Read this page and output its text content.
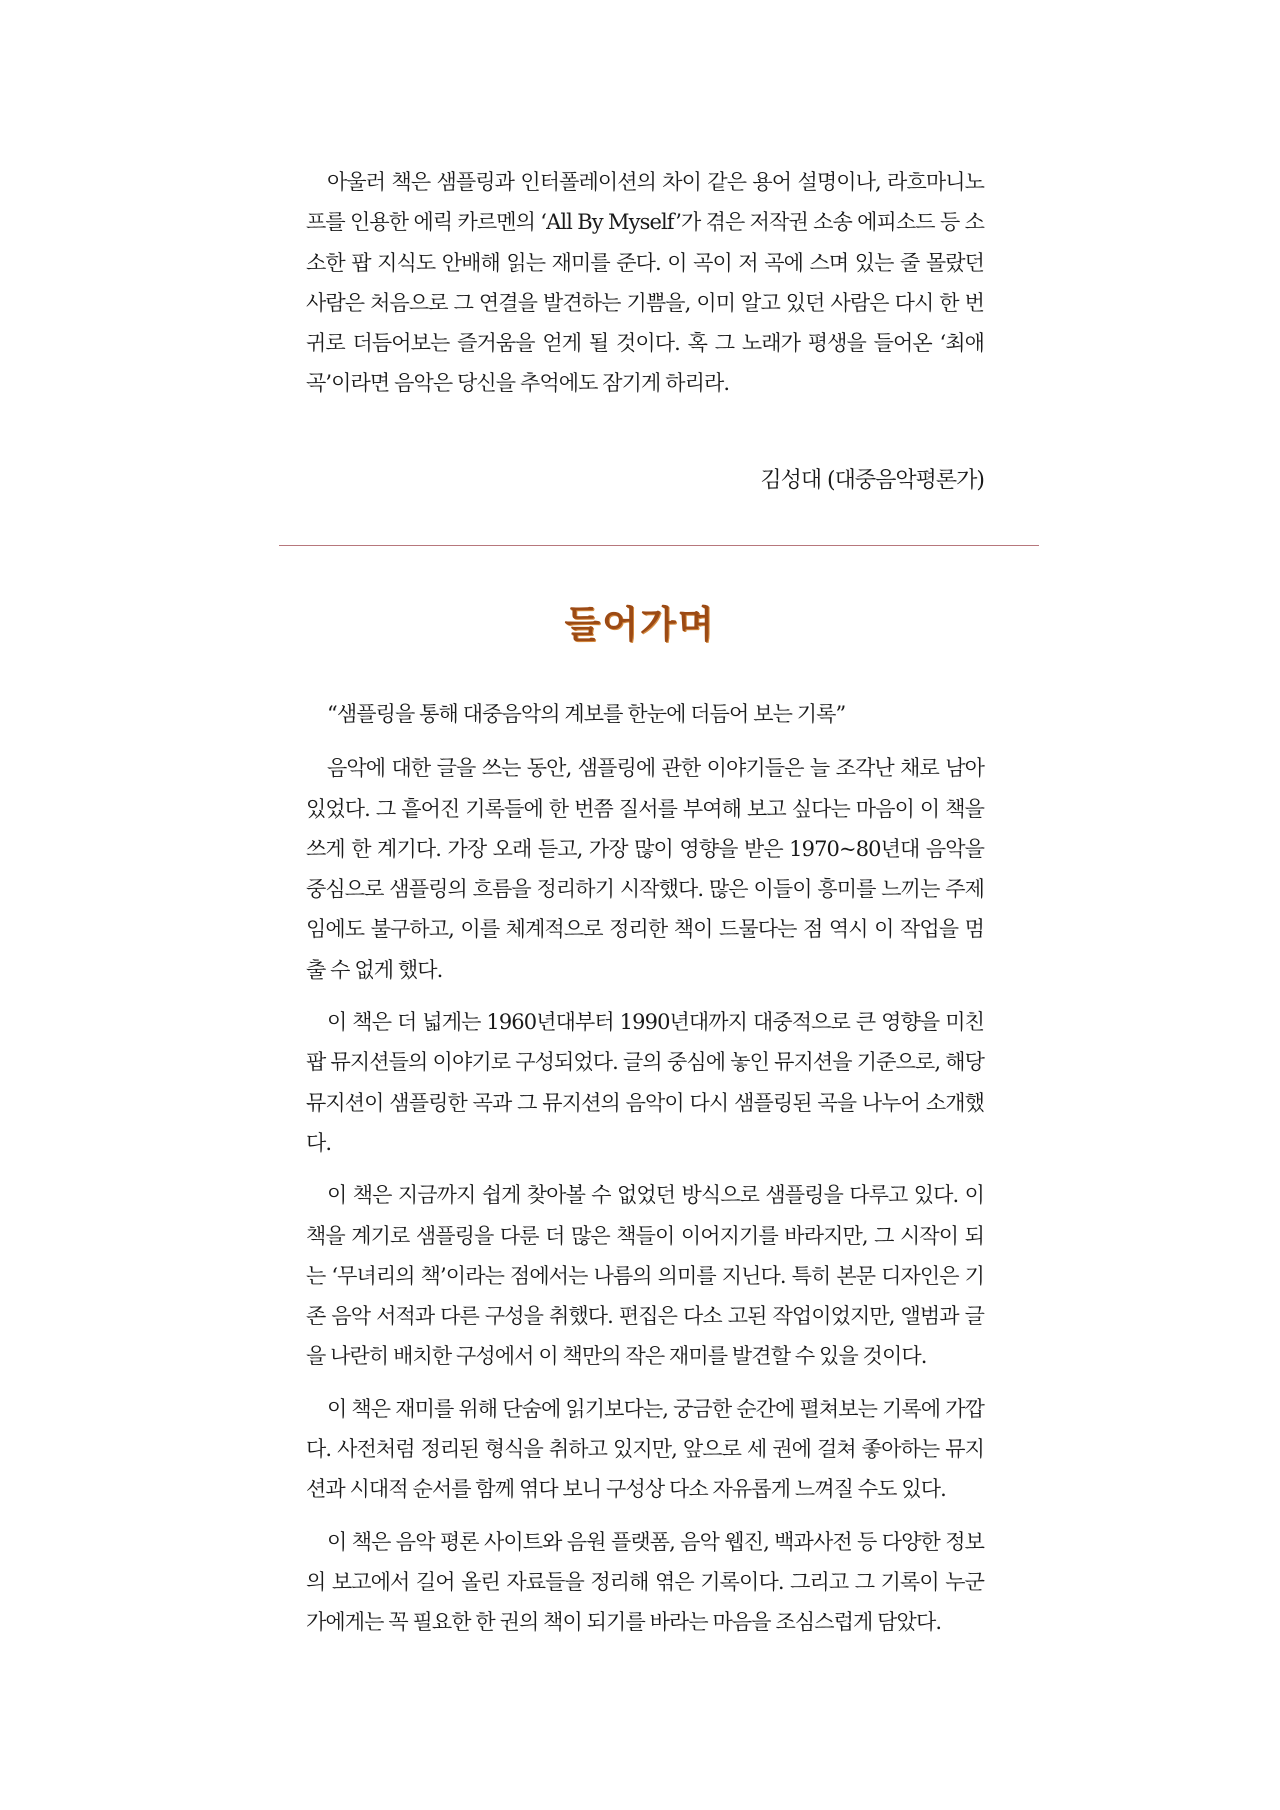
아울러 책은 샘플링과 인터폴레이션의 차이 같은 용어 설명이나, 라흐마니노프를 인용한 에릭 카르멘의 ‘All By Myself’가 겪은 저작권 소송 에피소드 등 소소한 팝 지식도 안배해 읽는 재미를 준다. 이 곡이 저 곡에 스며 있는 줄 몰랐던 사람은 처음으로 그 연결을 발견하는 기쁨을, 이미 알고 있던 사람은 다시 한 번 귀로 더듬어보는 즐거움을 얻게 될 것이다. 혹 그 노래가 평생을 들어온 ‘최애 곡’이라면 음악은 당신을 추억에도 잠기게 하리라.

김성대 (대중음악평론가)
들어가며

“샘플링을 통해 대중음악의 계보를 한눈에 더듬어 보는 기록”

음악에 대한 글을 쓰는 동안, 샘플링에 관한 이야기들은 늘 조각난 채로 남아 있었다. 그 흩어진 기록들에 한 번쯤 질서를 부여해 보고 싶다는 마음이 이 책을 쓰게 한 계기다. 가장 오래 듣고, 가장 많이 영향을 받은 1970~80년대 음악을 중심으로 샘플링의 흐름을 정리하기 시작했다. 많은 이들이 흥미를 느끼는 주제임에도 불구하고, 이를 체계적으로 정리한 책이 드물다는 점 역시 이 작업을 멈출 수 없게 했다.

이 책은 더 넓게는 1960년대부터 1990년대까지 대중적으로 큰 영향을 미친 팝 뮤지션들의 이야기로 구성되었다. 글의 중심에 놓인 뮤지션을 기준으로, 해당 뮤지션이 샘플링한 곡과 그 뮤지션의 음악이 다시 샘플링된 곡을 나누어 소개했다.

이 책은 지금까지 쉽게 찾아볼 수 없었던 방식으로 샘플링을 다루고 있다. 이 책을 계기로 샘플링을 다룬 더 많은 책들이 이어지기를 바라지만, 그 시작이 되는 ‘무녀리의 책’이라는 점에서는 나름의 의미를 지닌다. 특히 본문 디자인은 기존 음악 서적과 다른 구성을 취했다. 편집은 다소 고된 작업이었지만, 앨범과 글을 나란히 배치한 구성에서 이 책만의 작은 재미를 발견할 수 있을 것이다.

이 책은 재미를 위해 단숨에 읽기보다는, 궁금한 순간에 펼쳐보는 기록에 가깝다. 사전처럼 정리된 형식을 취하고 있지만, 앞으로 세 권에 걸쳐 좋아하는 뮤지션과 시대적 순서를 함께 엮다 보니 구성상 다소 자유롭게 느껴질 수도 있다.

이 책은 음악 평론 사이트와 음원 플랫폼, 음악 웹진, 백과사전 등 다양한 정보의 보고에서 길어 올린 자료들을 정리해 엮은 기록이다. 그리고 그 기록이 누군가에게는 꼭 필요한 한 권의 책이 되기를 바라는 마음을 조심스럽게 담았다.
